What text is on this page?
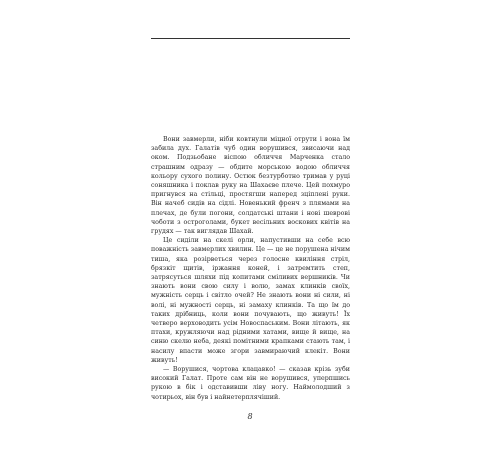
Вони завмерли, ніби ковтнули міцної отрути і вона їм забила дух. Галатів чуб один ворушився, звисаючи над оком. Подзьобане віспою обличчя Марченка стало страшним одразу — обдите морською водою обличчя кольору сухого полину. Остюк безтурботно тримав у руці соняшника і поклав руку на Шахаєве плече. Цей похмуро пригнувся на стільці, простягши наперед зціплені руки. Він начеб сидів на сідлі. Новенький френч з плямами на плечах, де були погони, солдатські штани і нові шеврові чоботи з остроголами, букет весільних воскових квітів на грудях — так виглядав Шахай.

Це сиділи на скелі орли, напустивши на себе всю поважність завмерлих хвилин. Це — це не порушена нічим тиша, яка розірветься через голосне квиління стріл, брязкіт щитів, іржання коней, і затремтить степ, затрясуться шляхи під копитами сміливих вершників. Чи знають вони свою силу і волю, замах клинків своїх, мужність серць і світло очей? Не знають вони ні сили, ні волі, ні мужності серць, ні замаху клинків. Та що їм до таких дрібниць, коли вони почувають, що живуть! Їх четверо верховодить усім Новоспаським. Вони літають, як птахи, кружляючи над рідними хатами, вище й вище, на синю скелю неба, деякі помітними крапками стають там, і насилу впасти може згори завмираючий клекіт. Вони живуть!

— Ворушися, чортова клацавко! — сказав крізь зуби високий Галат. Проте сам він не ворушився, уперпшись рукою в бік і одставивши ліву ногу. Наймолодший з чотирьох, він був і найнетерплячіший.

8
